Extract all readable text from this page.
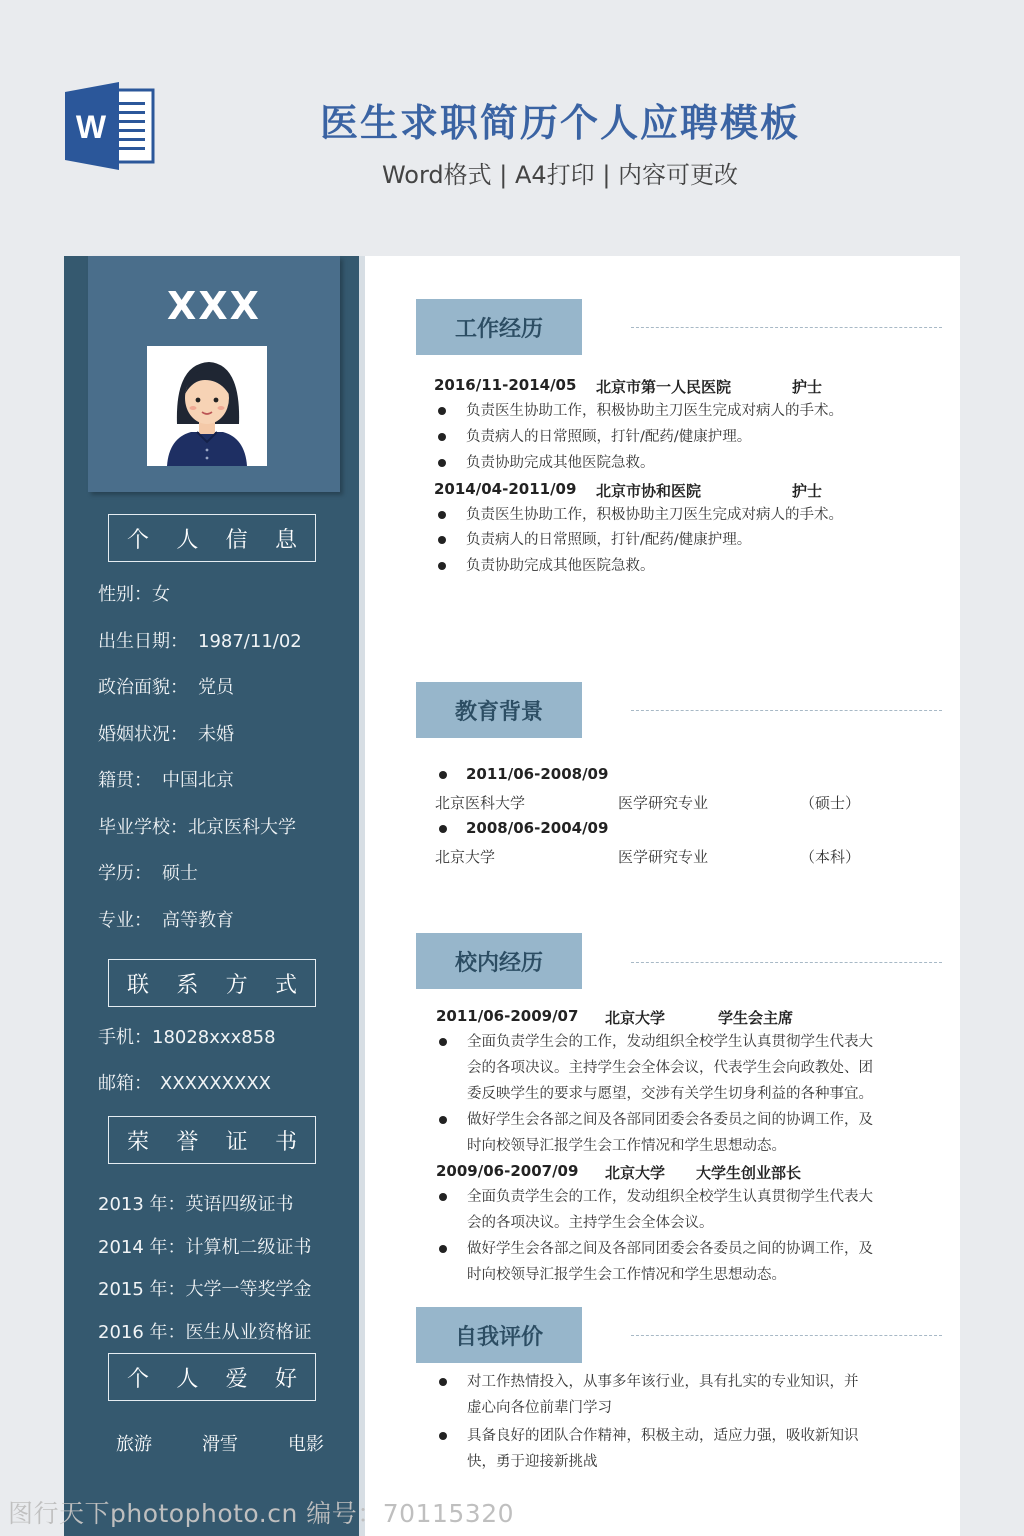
W	医生求职简历个人应聘模板
Word格式 | A4打印 | 内容可更改
XXX
个 人 信 息
性别：女
出生日期： 1987/11/02
政治面貌： 党员
婚姻状况： 未婚
籍贯： 中国北京
毕业学校：北京医科大学
学历： 硕士
专业： 高等教育
联 系 方 式
手机：18028xxx858
邮箱： XXXXXXXXX
荣 誉 证 书
2013 年：英语四级证书
2014 年：计算机二级证书
2015 年：大学一等奖学金
2016 年：医生从业资格证
个 人 爱 好
旅游	滑雪	电影
工作经历
2016/11-2014/05 北京市第一人民医院	护士
负责医生协助工作，积极协助主刀医生完成对病人的手术。
负责病人的日常照顾，打针/配药/健康护理。
负责协助完成其他医院急救。
2014/04-2011/09 北京市协和医院	护士
负责医生协助工作，积极协助主刀医生完成对病人的手术。
负责病人的日常照顾，打针/配药/健康护理。
负责协助完成其他医院急救。
教育背景
2011/06-2008/09
北京医科大学	医学研究专业	（硕士）
2008/06-2004/09
北京大学	医学研究专业	（本科）
校内经历
2011/06-2009/07 北京大学	学生会主席
全面负责学生会的工作，发动组织全校学生认真贯彻学生代表大
会的各项决议。主持学生会全体会议，代表学生会向政教处、团
委反映学生的要求与愿望，交涉有关学生切身利益的各种事宜。
做好学生会各部之间及各部同团委会各委员之间的协调工作，及
时向校领导汇报学生会工作情况和学生思想动态。
2009/06-2007/09 北京大学 大学生创业部长
全面负责学生会的工作，发动组织全校学生认真贯彻学生代表大
会的各项决议。主持学生会全体会议。
做好学生会各部之间及各部同团委会各委员之间的协调工作，及
时向校领导汇报学生会工作情况和学生思想动态。
自我评价
对工作热情投入，从事多年该行业，具有扎实的专业知识，并
虚心向各位前辈门学习
具备良好的团队合作精神，积极主动，适应力强，吸收新知识
快，勇于迎接新挑战
图行天下photophoto.cn 编号：70115320
